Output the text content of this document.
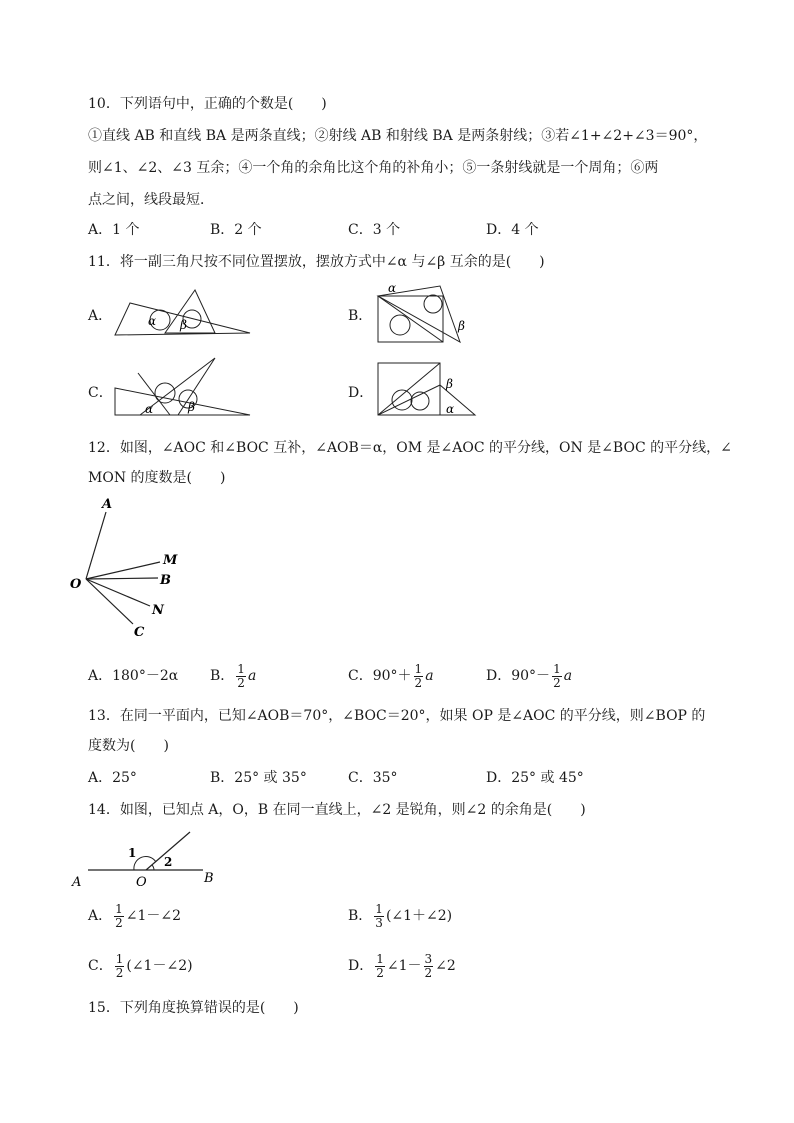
10．下列语句中，正确的个数是(　　)
①直线 AB 和直线 BA 是两条直线；②射线 AB 和射线 BA 是两条射线；③若∠1+∠2+∠3＝90°，
则∠1、∠2、∠3 互余；④一个角的余角比这个角的补角小；⑤一条射线就是一个周角；⑥两
点之间，线段最短．
A．1 个	B．2 个	C．3 个	D．4 个
11．将一副三角尺按不同位置摆放，摆放方式中∠α 与∠β 互余的是(　　)
A．	α β
B．
α
β
C．
α	β
D．
β
α
12．如图，∠AOC 和∠BOC 互补，∠AOB＝α，OM 是∠AOC 的平分线，ON 是∠BOC 的平分线，∠
MON 的度数是(　　)
A
M
B
O
N
C
A．180°－2α B． $\frac{1}{2}$ a	C．$90^\circ+ \frac{1}{2}$ a	D．$90^\circ- \frac{1}{2}$ a
13．在同一平面内，已知∠AOB＝70°，∠BOC＝20°，如果 OP 是∠AOC 的平分线，则∠BOP 的
度数为(　　)
A．25°	B．25° 或 35°	C．35°	D．25° 或 45°
14．如图，已知点 A，O，B 在同一直线上，∠2 是锐角，则∠2 的余角是(　　)
1
2
A	O	B
A． $\frac{1}{2}$ ∠1－∠2	B． $\frac{1}{3}$ (∠1＋∠2)
C． $\frac{1}{2}$ (∠1－∠2)	D． $\frac{1}{2}$ ∠1－ $\frac{3}{2}$ ∠2
15．下列角度换算错误的是(　　)
